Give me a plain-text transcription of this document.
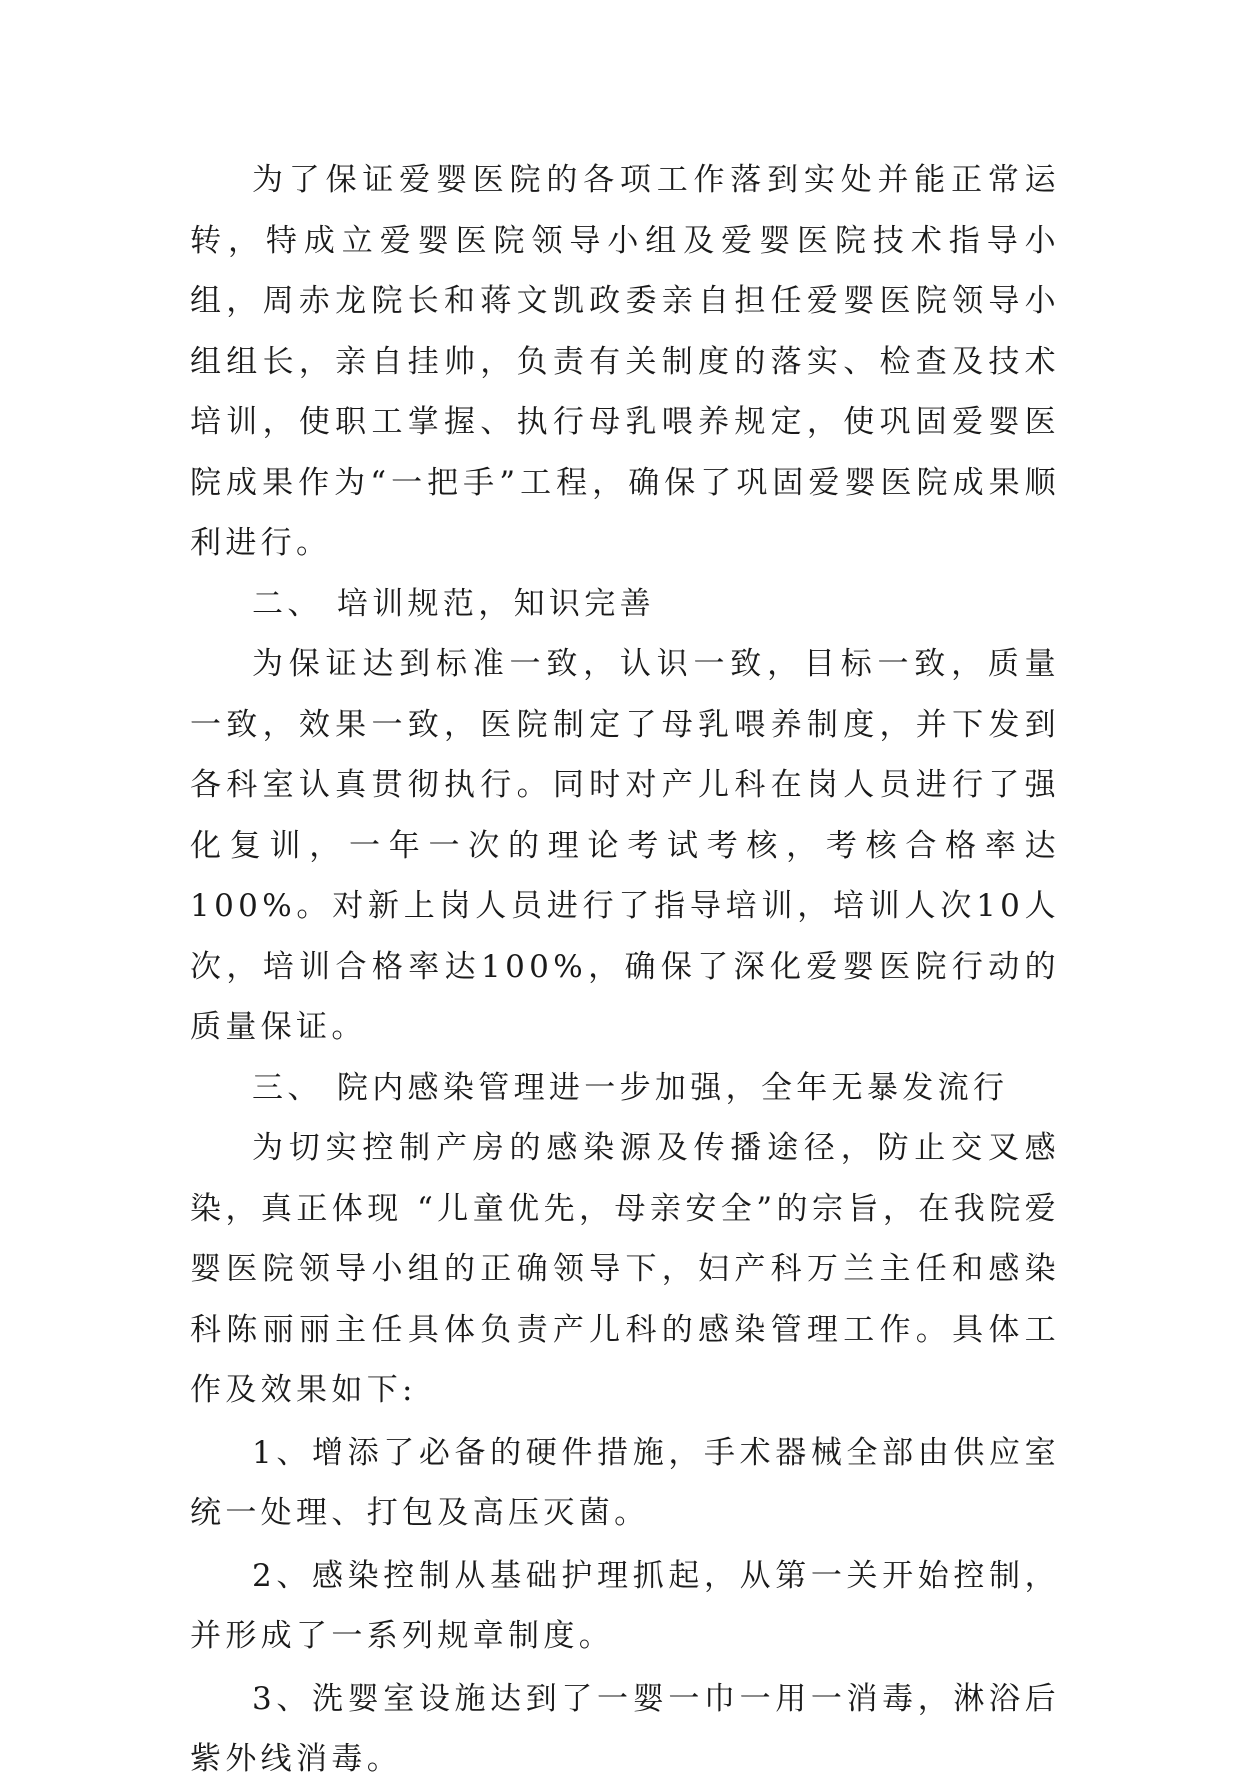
为了保证爱婴医院的各项工作落到实处并能正常运转，特成立爱婴医院领导小组及爱婴医院技术指导小组，周赤龙院长和蒋文凯政委亲自担任爱婴医院领导小组组长，亲自挂帅，负责有关制度的落实、检查及技术培训，使职工掌握、执行母乳喂养规定，使巩固爱婴医院成果作为“一把手”工程，确保了巩固爱婴医院成果顺利进行。

二、 培训规范，知识完善

为保证达到标准一致，认识一致，目标一致，质量一致，效果一致，医院制定了母乳喂养制度，并下发到各科室认真贯彻执行。同时对产儿科在岗人员进行了强化复训，一年一次的理论考试考核，考核合格率达100%。对新上岗人员进行了指导培训，培训人次10人次，培训合格率达100%，确保了深化爱婴医院行动的质量保证。

三、 院内感染管理进一步加强，全年无暴发流行

为切实控制产房的感染源及传播途径，防止交叉感染，真正体现 “儿童优先，母亲安全”的宗旨，在我院爱婴医院领导小组的正确领导下，妇产科万兰主任和感染科陈丽丽主任具体负责产儿科的感染管理工作。具体工作及效果如下:

1、增添了必备的硬件措施，手术器械全部由供应室统一处理、打包及高压灭菌。

2、感染控制从基础护理抓起，从第一关开始控制，并形成了一系列规章制度。

3、洗婴室设施达到了一婴一巾一用一消毒，淋浴后紫外线消毒。
